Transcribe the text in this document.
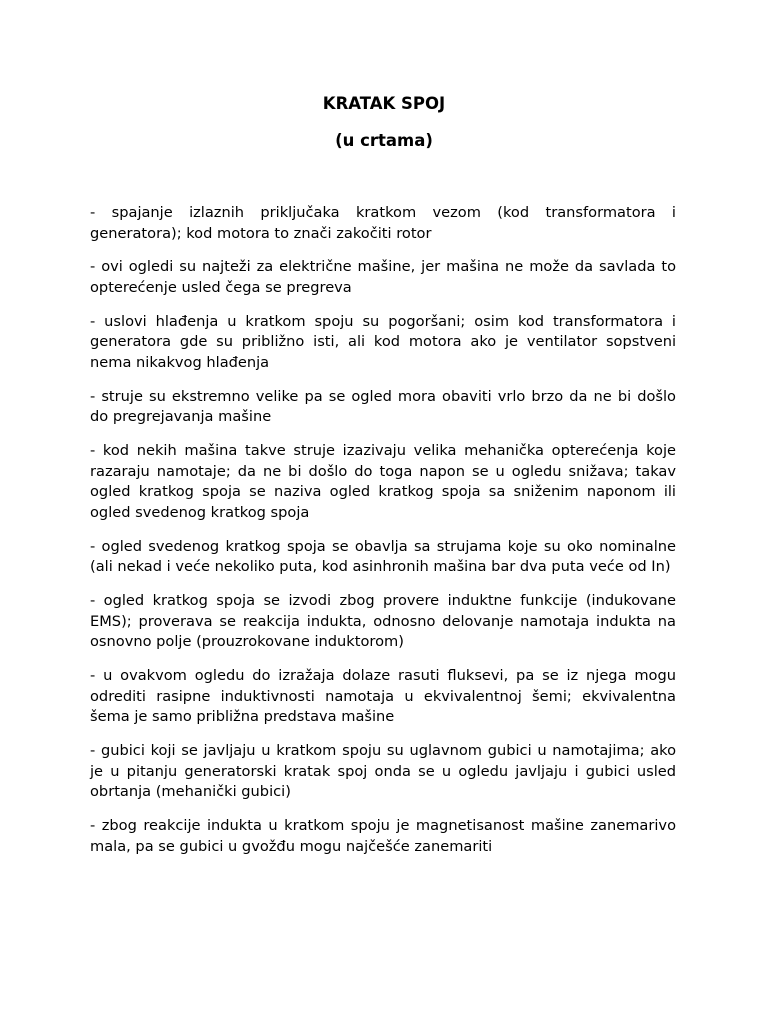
KRATAK SPOJ
(u crtama)

- spajanje izlaznih priključaka kratkom vezom (kod transformatora i generatora); kod motora to znači zakočiti rotor

- ovi ogledi su najteži za električne mašine, jer mašina ne može da savlada to opterećenje usled čega se pregreva

- uslovi hlađenja u kratkom spoju su pogoršani; osim kod transformatora i generatora gde su približno isti, ali kod motora ako je ventilator sopstveni nema nikakvog hlađenja

- struje su ekstremno velike pa se ogled mora obaviti vrlo brzo da ne bi došlo do pregrejavanja mašine

- kod nekih mašina takve struje izazivaju velika mehanička opterećenja koje razaraju namotaje; da ne bi došlo do toga napon se u ogledu snižava; takav ogled kratkog spoja se naziva ogled kratkog spoja sa sniženim naponom ili ogled svedenog kratkog spoja

- ogled svedenog kratkog spoja se obavlja sa strujama koje su oko nominalne (ali nekad i veće nekoliko puta, kod asinhronih mašina bar dva puta veće od In)

- ogled kratkog spoja se izvodi zbog provere induktne funkcije (indukovane EMS); proverava se reakcija indukta, odnosno delovanje namotaja indukta na osnovno polje (prouzrokovane induktorom)

- u ovakvom ogledu do izražaja dolaze rasuti fluksevi, pa se iz njega mogu odrediti rasipne induktivnosti namotaja u ekvivalentnoj šemi; ekvivalentna šema je samo približna predstava mašine

- gubici koji se javljaju u kratkom spoju su uglavnom gubici u namotajima; ako je u pitanju generatorski kratak spoj onda se u ogledu javljaju i gubici usled obrtanja (mehanički gubici)

- zbog reakcije indukta u kratkom spoju je magnetisanost mašine zanemarivo mala, pa se gubici u gvožđu mogu najčešće zanemariti
